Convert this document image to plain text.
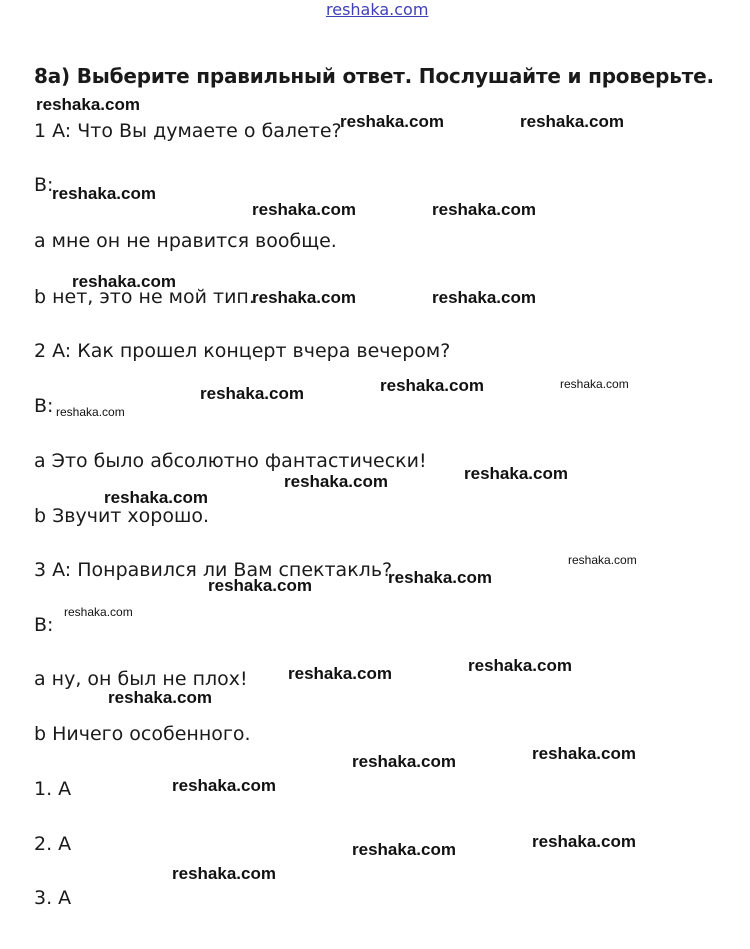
reshaka.com
8а) Выберите правильный ответ. Послушайте и проверьте.
1 A: Что Вы думаете о балете?
B:
a мне он не нравится вообще.
b нет, это не мой тип.
2 A: Как прошел концерт вчера вечером?
B:
a Это было абсолютно фантастически!
b Звучит хорошо.
3 A: Понравился ли Вам спектакль?
B:
a ну, он был не плох!
b Ничего особенного.
1. A
2. A
3. A
reshaka.com
reshaka.com	reshaka.com
reshaka.com
reshaka.com	reshaka.com
reshaka.com
reshaka.com	reshaka.com
reshaka.com	reshaka.com
reshaka.com
reshaka.com
reshaka.com
reshaka.com
reshaka.com
reshaka.com
reshaka.com
reshaka.com
reshaka.com
reshaka.com
reshaka.com
reshaka.com
reshaka.com
reshaka.com
reshaka.com
reshaka.com
reshaka.com
reshaka.com
